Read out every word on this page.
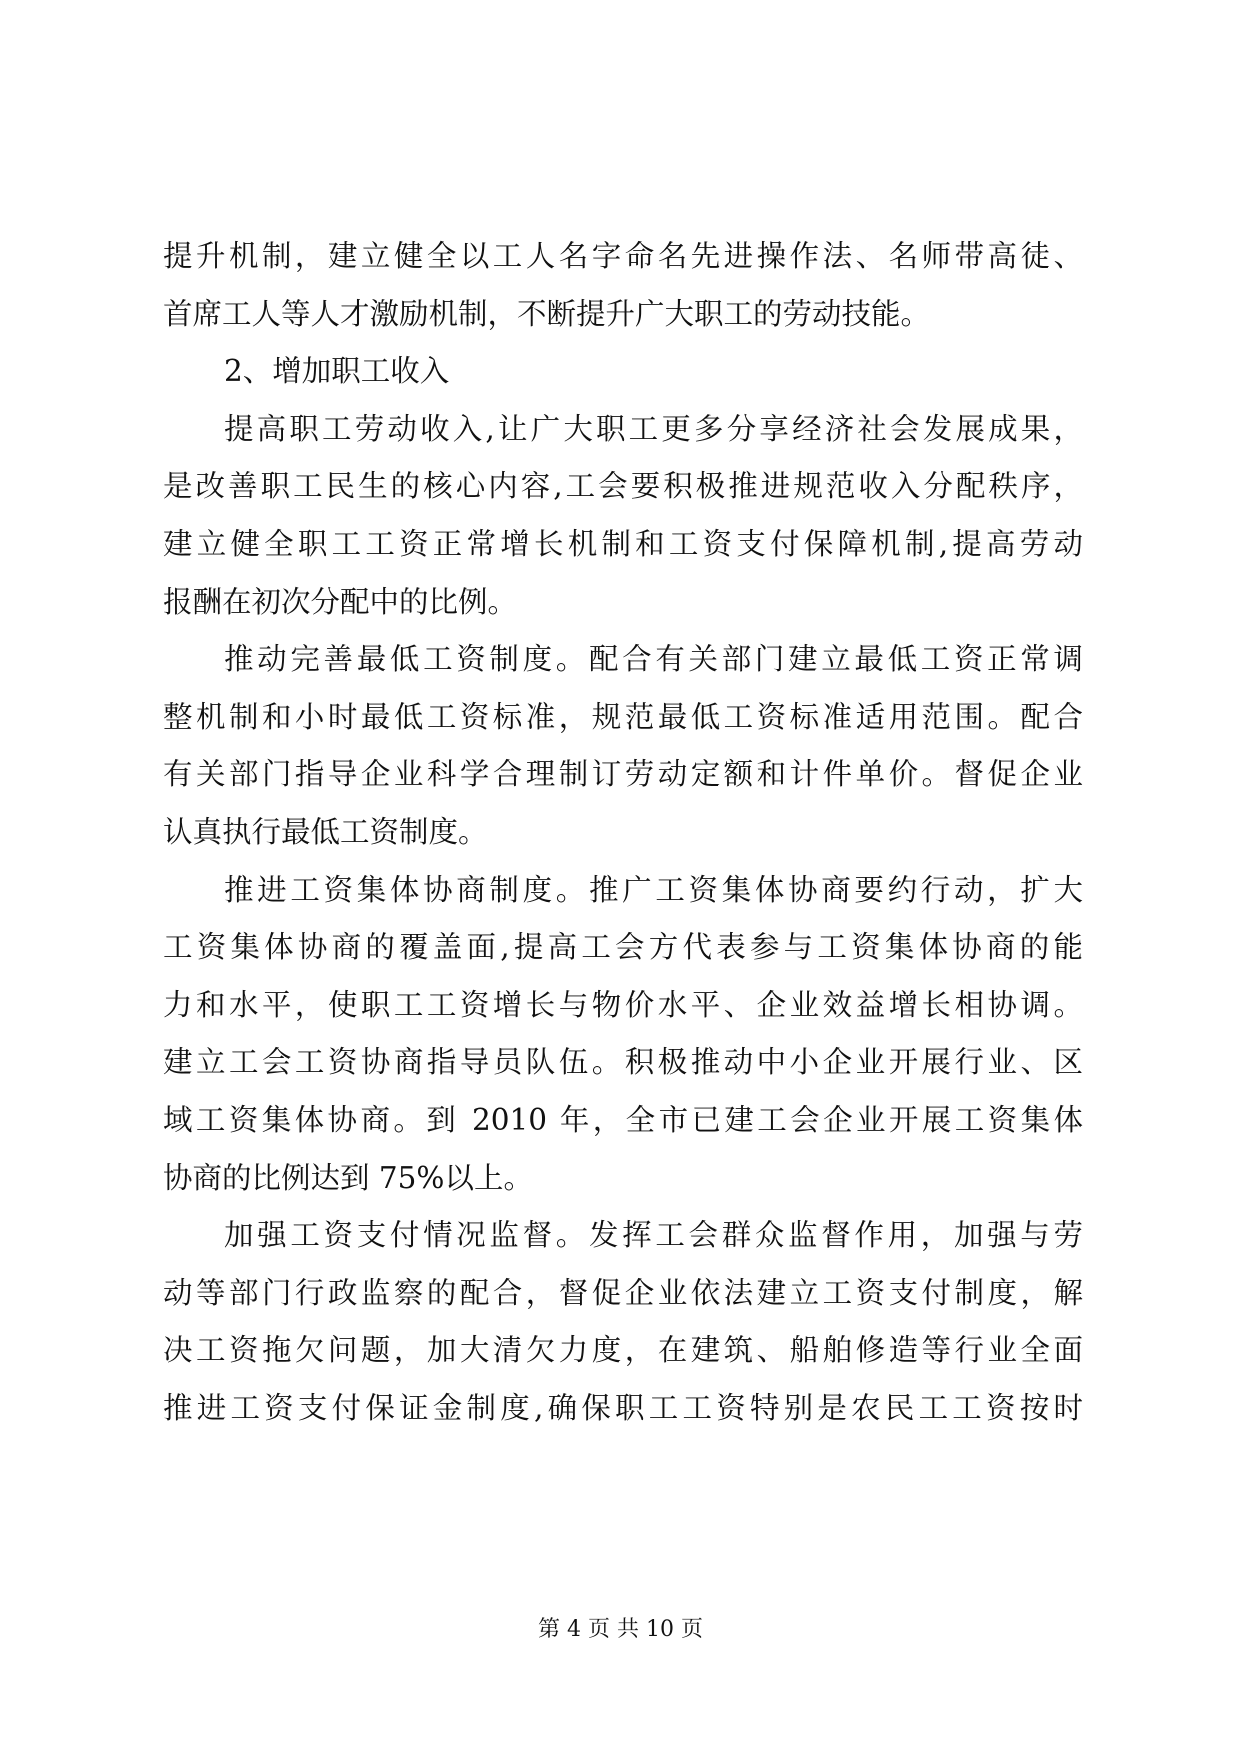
提升机制，建立健全以工人名字命名先进操作法、名师带高徒、
首席工人等人才激励机制，不断提升广大职工的劳动技能。
2、增加职工收入
提高职工劳动收入,让广大职工更多分享经济社会发展成果，
是改善职工民生的核心内容,工会要积极推进规范收入分配秩序，
建立健全职工工资正常增长机制和工资支付保障机制,提高劳动
报酬在初次分配中的比例。
推动完善最低工资制度。配合有关部门建立最低工资正常调
整机制和小时最低工资标准，规范最低工资标准适用范围。配合
有关部门指导企业科学合理制订劳动定额和计件单价。督促企业
认真执行最低工资制度。
推进工资集体协商制度。推广工资集体协商要约行动，扩大
工资集体协商的覆盖面,提高工会方代表参与工资集体协商的能
力和水平，使职工工资增长与物价水平、企业效益增长相协调。
建立工会工资协商指导员队伍。积极推动中小企业开展行业、区
域工资集体协商。到 2010 年，全市已建工会企业开展工资集体
协商的比例达到 75%以上。
加强工资支付情况监督。发挥工会群众监督作用，加强与劳
动等部门行政监察的配合，督促企业依法建立工资支付制度，解
决工资拖欠问题，加大清欠力度，在建筑、船舶修造等行业全面
推进工资支付保证金制度,确保职工工资特别是农民工工资按时
第 4 页 共 10 页
